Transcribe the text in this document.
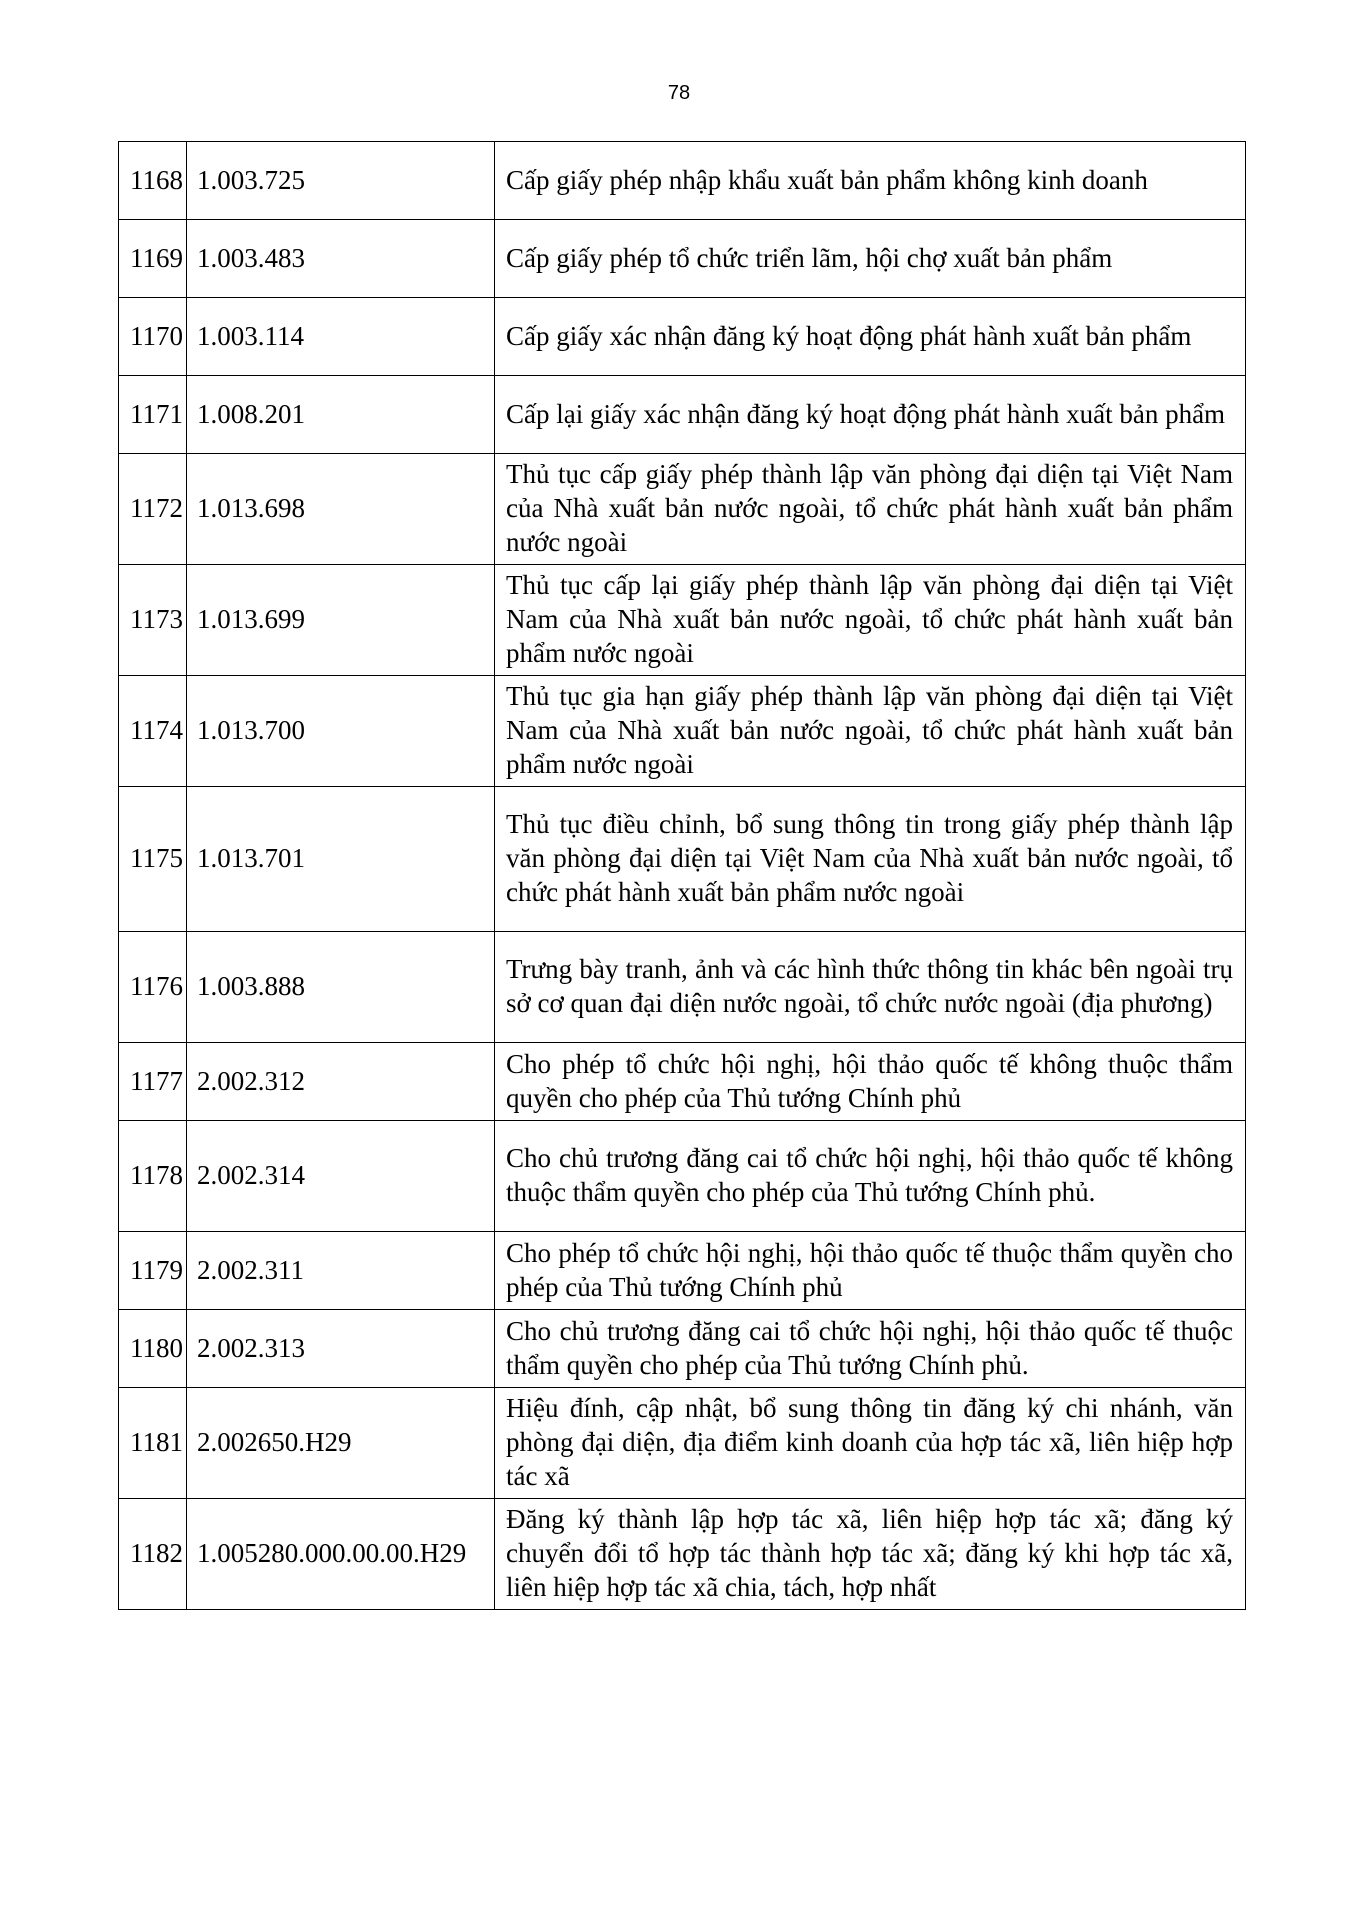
78
1168	1.003.725	Cấp giấy phép nhập khẩu xuất bản phẩm không kinh doanh
1169	1.003.483	Cấp giấy phép tổ chức triển lãm, hội chợ xuất bản phẩm
1170	1.003.114	Cấp giấy xác nhận đăng ký hoạt động phát hành xuất bản phẩm
1171	1.008.201	Cấp lại giấy xác nhận đăng ký hoạt động phát hành xuất bản phẩm
1172	1.013.698	Thủ tục cấp giấy phép thành lập văn phòng đại diện tại Việt Nam của Nhà xuất bản nước ngoài, tổ chức phát hành xuất bản phẩm nước ngoài
1173	1.013.699	Thủ tục cấp lại giấy phép thành lập văn phòng đại diện tại Việt Nam của Nhà xuất bản nước ngoài, tổ chức phát hành xuất bản phẩm nước ngoài
1174	1.013.700	Thủ tục gia hạn giấy phép thành lập văn phòng đại diện tại Việt Nam của Nhà xuất bản nước ngoài, tổ chức phát hành xuất bản phẩm nước ngoài
1175	1.013.701	Thủ tục điều chỉnh, bổ sung thông tin trong giấy phép thành lập văn phòng đại diện tại Việt Nam của Nhà xuất bản nước ngoài, tổ chức phát hành xuất bản phẩm nước ngoài
1176	1.003.888	Trưng bày tranh, ảnh và các hình thức thông tin khác bên ngoài trụ sở cơ quan đại diện nước ngoài, tổ chức nước ngoài (địa phương)
1177	2.002.312	Cho phép tổ chức hội nghị, hội thảo quốc tế không thuộc thẩm quyền cho phép của Thủ tướng Chính phủ
1178	2.002.314	Cho chủ trương đăng cai tổ chức hội nghị, hội thảo quốc tế không thuộc thẩm quyền cho phép của Thủ tướng Chính phủ.
1179	2.002.311	Cho phép tổ chức hội nghị, hội thảo quốc tế thuộc thẩm quyền cho phép của Thủ tướng Chính phủ
1180	2.002.313	Cho chủ trương đăng cai tổ chức hội nghị, hội thảo quốc tế thuộc thẩm quyền cho phép của Thủ tướng Chính phủ.
1181	2.002650.H29	Hiệu đính, cập nhật, bổ sung thông tin đăng ký chi nhánh, văn phòng đại diện, địa điểm kinh doanh của hợp tác xã, liên hiệp hợp tác xã
1182	1.005280.000.00.00.H29	Đăng ký thành lập hợp tác xã, liên hiệp hợp tác xã; đăng ký chuyển đổi tổ hợp tác thành hợp tác xã; đăng ký khi hợp tác xã, liên hiệp hợp tác xã chia, tách, hợp nhất
